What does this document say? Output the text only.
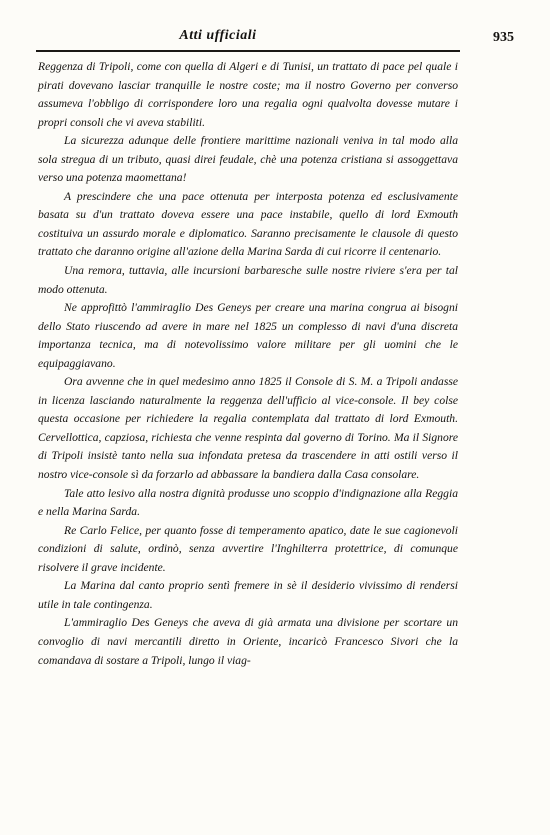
Atti ufficiali	935

Reggenza di Tripoli, come con quella di Algeri e di Tunisi, un trattato di pace pel quale i pirati dovevano lasciar tranquille le nostre coste; ma il nostro Governo per converso assumeva l'obbligo di corrispondere loro una regalia ogni qualvolta dovesse mutare i propri consoli che vi aveva stabiliti.

La sicurezza adunque delle frontiere marittime nazionali veniva in tal modo alla sola stregua di un tributo, quasi direi feudale, chè una potenza cristiana si assoggettava verso una potenza maomettana!

A prescindere che una pace ottenuta per interposta potenza ed esclusivamente basata su d'un trattato doveva essere una pace instabile, quello di lord Exmouth costituiva un assurdo morale e diplomatico. Saranno precisamente le clausole di questo trattato che daranno origine all'azione della Marina Sarda di cui ricorre il centenario.

Una remora, tuttavia, alle incursioni barbaresche sulle nostre riviere s'era per tal modo ottenuta.

Ne approfittò l'ammiraglio Des Geneys per creare una marina congrua ai bisogni dello Stato riuscendo ad avere in mare nel 1825 un complesso di navi d'una discreta importanza tecnica, ma di notevolissimo valore militare per gli uomini che le equipaggiavano.

Ora avvenne che in quel medesimo anno 1825 il Console di S. M. a Tripoli andasse in licenza lasciando naturalmente la reggenza dell'ufficio al vice-console. Il bey colse questa occasione per richiedere la regalia contemplata dal trattato di lord Exmouth. Cervellottica, capziosa, richiesta che venne respinta dal governo di Torino. Ma il Signore di Tripoli insistè tanto nella sua infondata pretesa da trascendere in atti ostili verso il nostro vice-console sì da forzarlo ad abbassare la bandiera dalla Casa consolare.

Tale atto lesivo alla nostra dignità produsse uno scoppio d'indignazione alla Reggia e nella Marina Sarda.

Re Carlo Felice, per quanto fosse di temperamento apatico, date le sue cagionevoli condizioni di salute, ordinò, senza avvertire l'Inghilterra protettrice, di comunque risolvere il grave incidente.

La Marina dal canto proprio sentì fremere in sè il desiderio vivissimo di rendersi utile in tale contingenza.

L'ammiraglio Des Geneys che aveva di già armata una divisione per scortare un convoglio di navi mercantili diretto in Oriente, incaricò Francesco Sivori che la comandava di sostare a Tripoli, lungo il viag-
